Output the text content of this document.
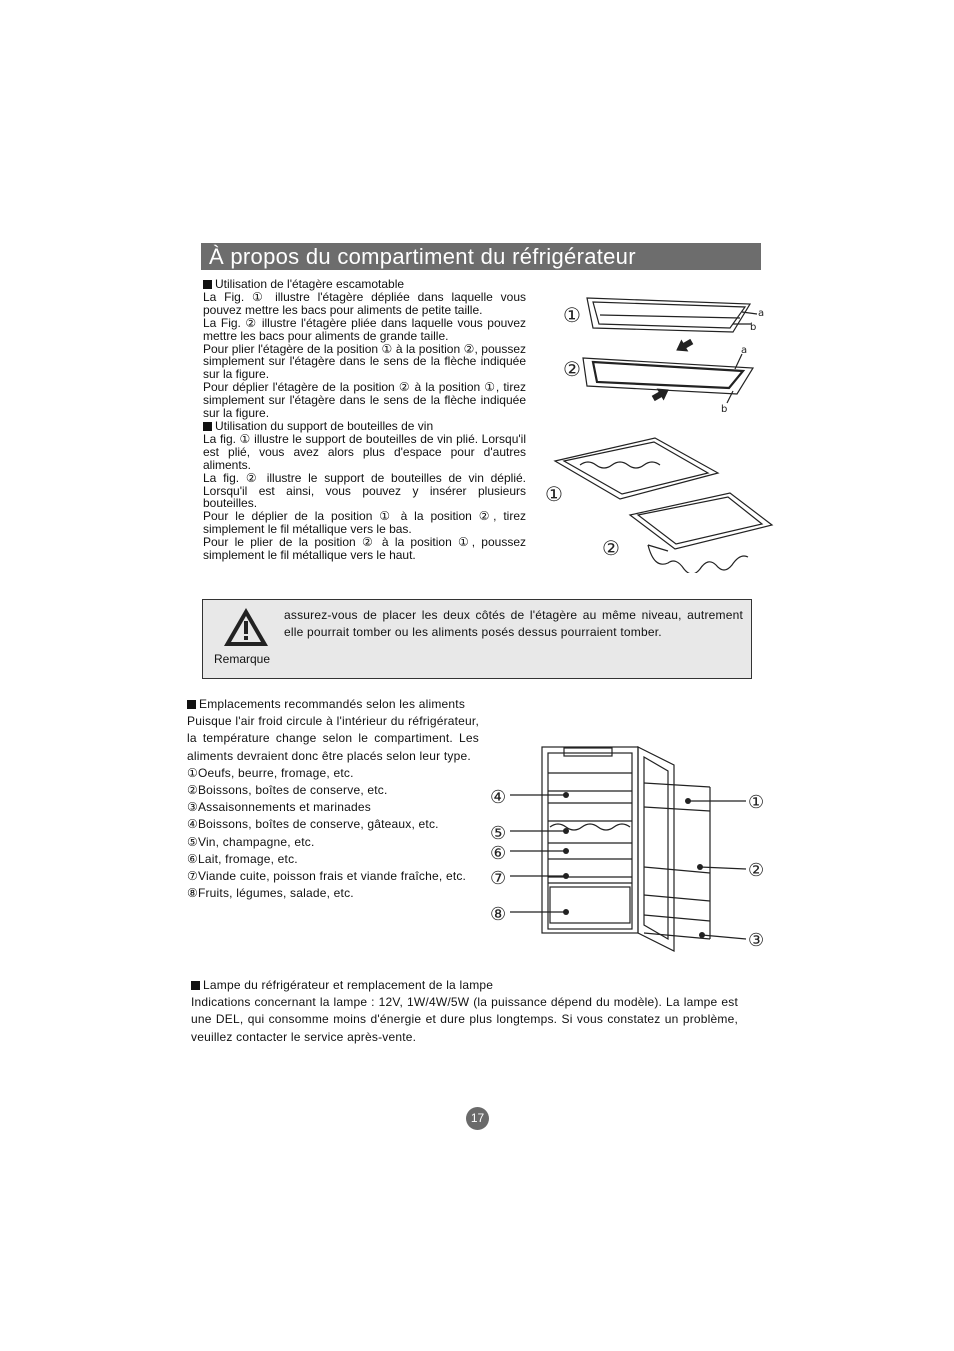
À propos du compartiment du réfrigérateur

Utilisation de l'étagère escamotable

La Fig. ① illustre l'étagère dépliée dans laquelle vous pouvez mettre les bacs pour aliments de petite taille.

La Fig. ② illustre l'étagère pliée dans laquelle vous pouvez mettre les bacs pour aliments de grande taille.

Pour plier l'étagère de la position ① à la position ②, poussez simplement sur l'étagère dans le sens de la flèche indiquée sur la figure.

Pour déplier l'étagère de la position ② à la position ①, tirez simplement sur l'étagère dans le sens de la flèche indiquée sur la figure.

Utilisation du support de bouteilles de vin

La fig. ① illustre le support de bouteilles de vin plié. Lorsqu'il est plié, vous avez alors plus d'espace pour d'autres aliments.

La fig. ② illustre le support de bouteilles de vin déplié. Lorsqu'il est ainsi, vous pouvez y insérer plusieurs bouteilles.

Pour le déplier de la position ① à la position ②, tirez simplement le fil métallique vers le bas.

Pour le plier de la position ② à la position ①, poussez simplement le fil métallique vers le haut.

①
②
a
b
a
b
①
②
Remarque
assurez-vous de placer les deux côtés de l'étagère au même niveau, autrement elle pourrait tomber ou les aliments posés dessus pourraient tomber.

Emplacements recommandés selon les aliments

Puisque l'air froid circule à l'intérieur du réfrigérateur, la température change selon le compartiment. Les aliments devraient donc être placés selon leur type.

①Oeufs, beurre, fromage, etc.

②Boissons, boîtes de conserve, etc.

③Assaisonnements et marinades

④Boissons, boîtes de conserve, gâteaux, etc.

⑤Vin, champagne, etc.

⑥Lait, fromage, etc.

⑦Viande cuite, poisson frais et viande fraîche, etc.

⑧Fruits, légumes, salade, etc.

④
⑤
⑥
⑦
⑧
①
②
③

Lampe du réfrigérateur et remplacement de la lampe

Indications concernant la lampe : 12V, 1W/4W/5W (la puissance dépend du modèle). La lampe est une DEL, qui consomme moins d'énergie et dure plus longtemps. Si vous constatez un problème, veuillez contacter le service après-vente.

17
